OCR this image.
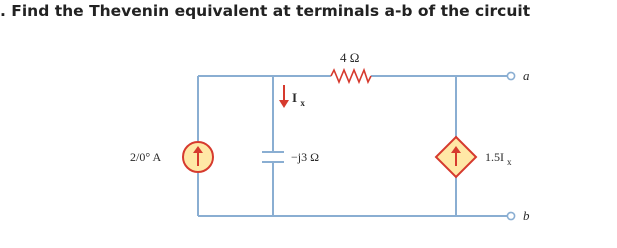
. Find the Thevenin equivalent at terminals a-b of the circuit
4 Ω
2/0° A	−j3 Ω
I $_x$
1.5I $_x$
a
b
